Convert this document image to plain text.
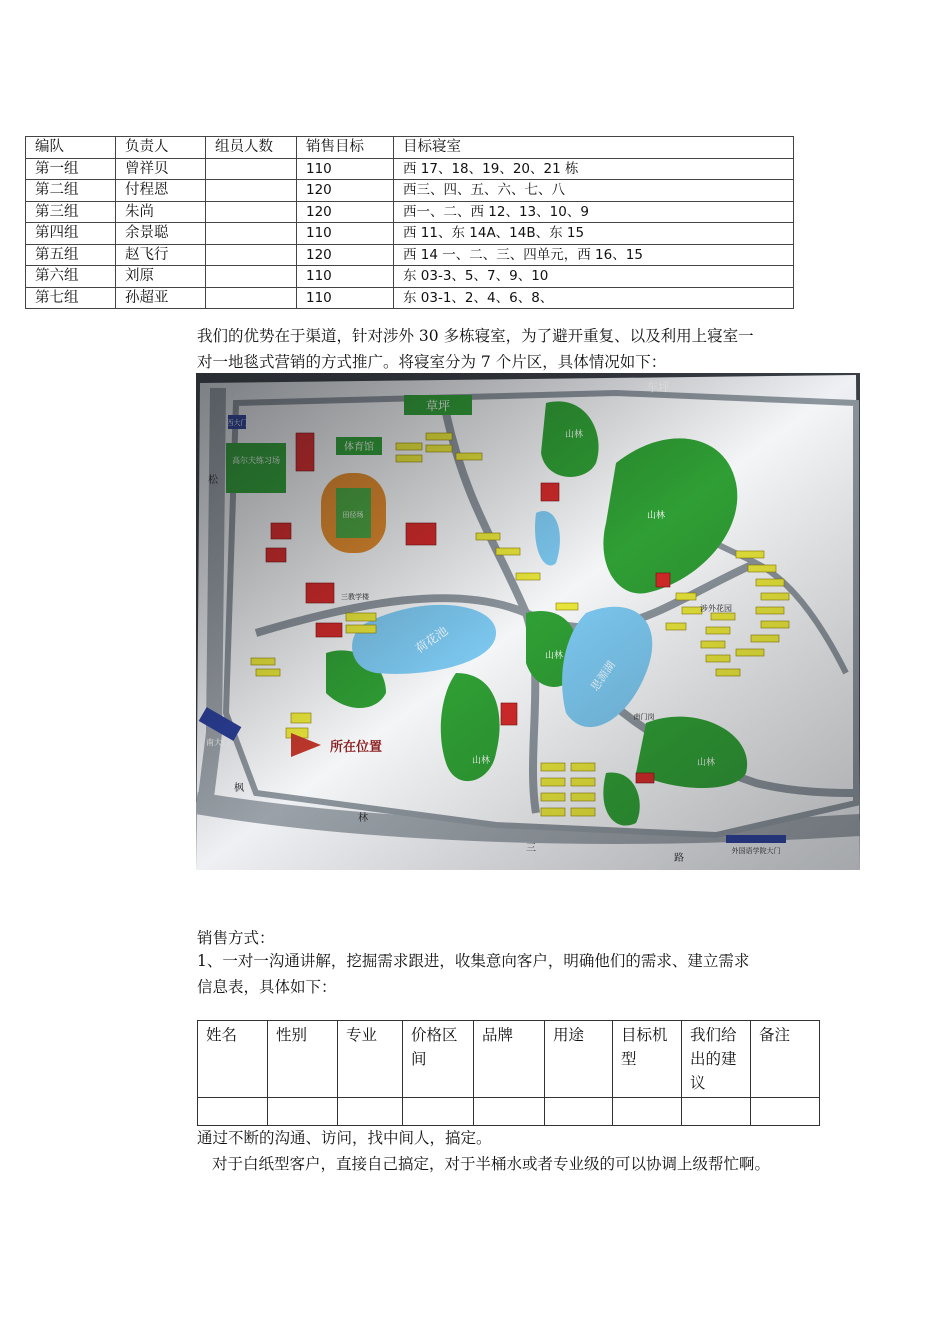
编队	负责人	组员人数	销售目标	目标寝室
第一组	曾祥贝		110	西 17、18、19、20、21 栋
第二组	付程恩		120	西三、四、五、六、七、八
第三组	朱尚		120	西一、二、西 12、13、10、9
第四组	余景聪		110	西 11、东 14A、14B、东 15
第五组	赵飞行		120	西 14 一、二、三、四单元，西 16、15
第六组	刘原		110	东 03-3、5、7、9、10
第七组	孙超亚		110	东 03-1、2、4、6、8、
我们的优势在于渠道，针对涉外 30 多栋寝室，为了避开重复、以及利用上寝室一
对一地毯式营销的方式推广。将寝室分为 7 个片区，具体情况如下：
销售方式：
1、一对一沟通讲解，挖掘需求跟进，收集意向客户，明确他们的需求、建立需求
信息表，具体如下：
姓名	性别	专业	价格区间	品牌	用途	目标机型	我们给出的建议	备注

通过不断的沟通、访问，找中间人，搞定。
对于白纸型客户，直接自己搞定，对于半桶水或者专业级的可以协调上级帮忙啊。
